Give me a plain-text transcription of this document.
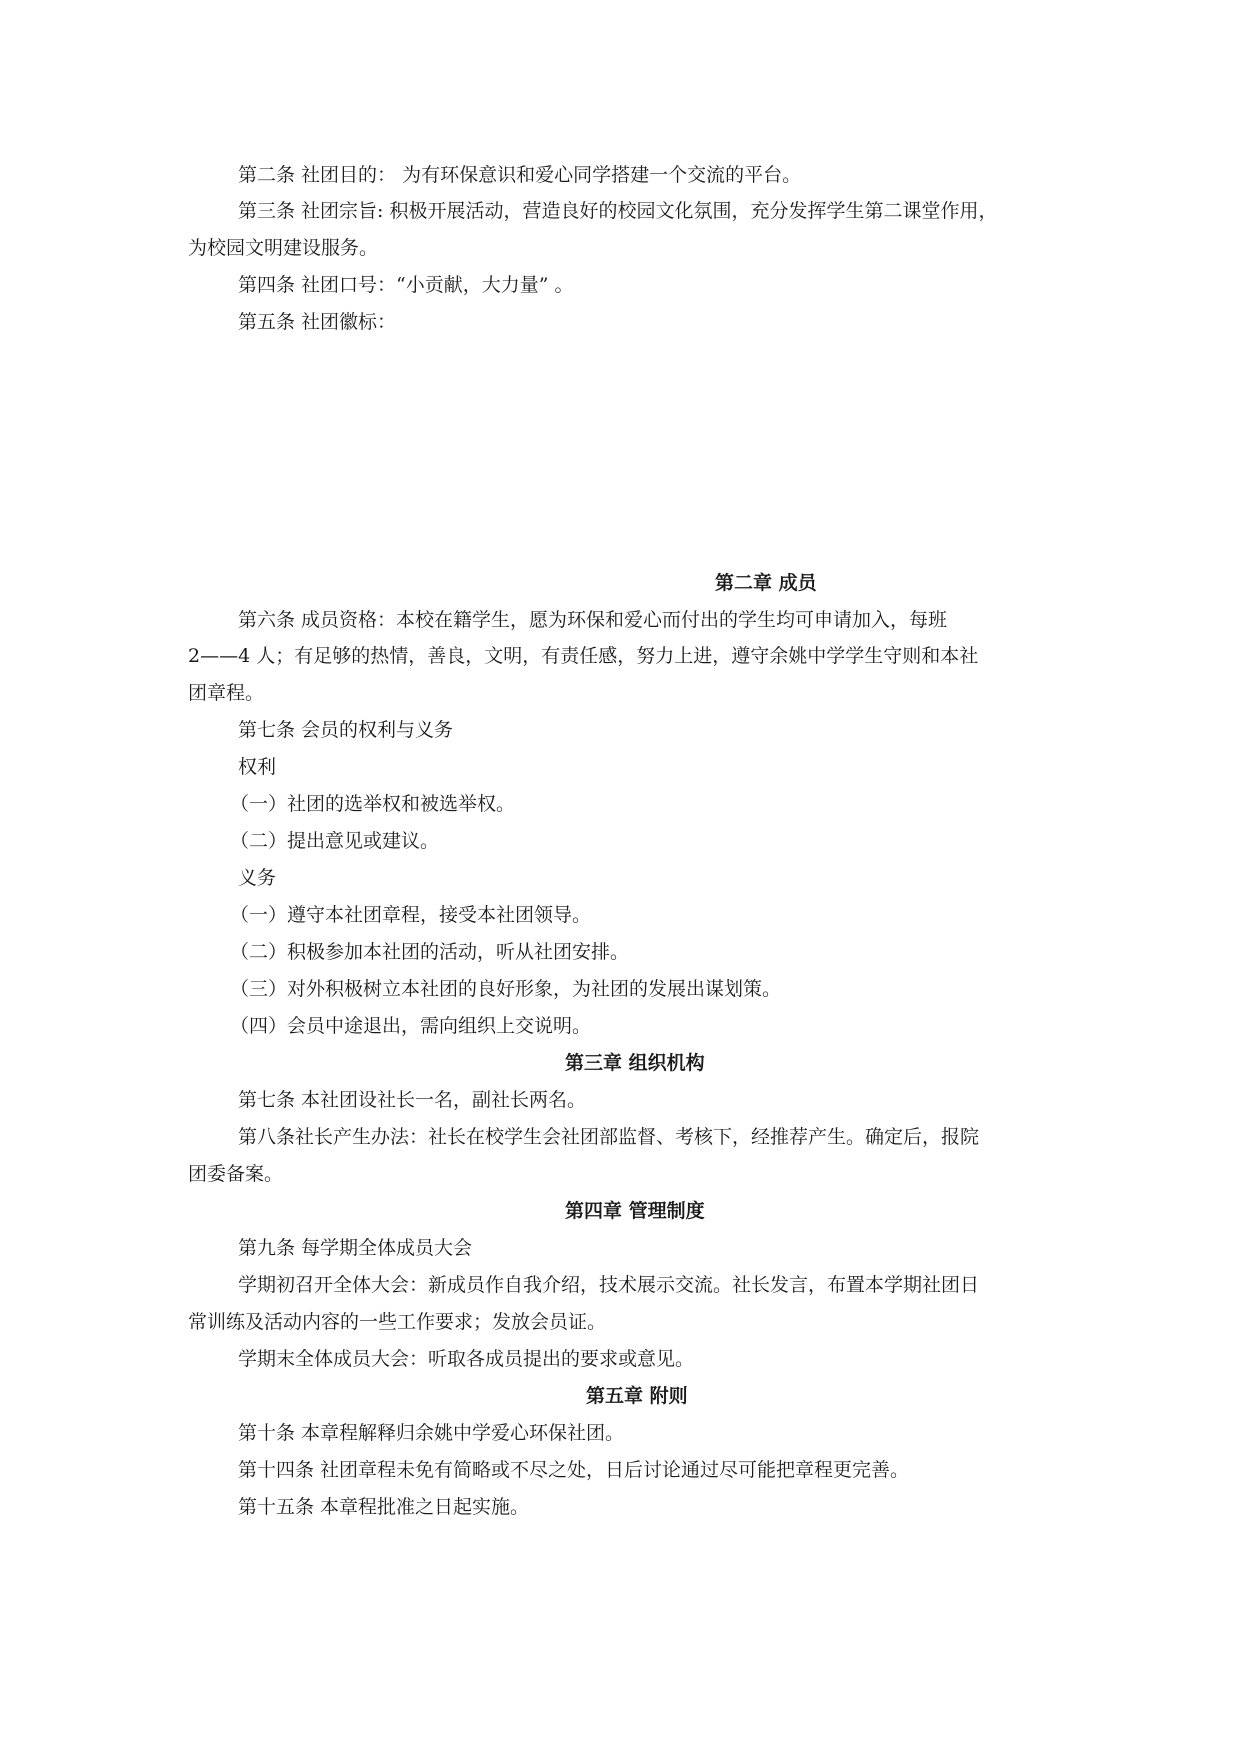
第二条 社团目的： 为有环保意识和爱心同学搭建一个交流的平台。
第三条 社团宗旨: 积极开展活动，营造良好的校园文化氛围，充分发挥学生第二课堂作用，
为校园文明建设服务。
第四条 社团口号：“小贡献，大力量” 。
第五条 社团徽标：
第二章 成员
第六条 成员资格：本校在籍学生，愿为环保和爱心而付出的学生均可申请加入，每班
2——4 人；有足够的热情，善良，文明，有责任感，努力上进，遵守余姚中学学生守则和本社
团章程。
第七条 会员的权利与义务
权利
（一）社团的选举权和被选举权。
（二）提出意见或建议。
义务
（一）遵守本社团章程，接受本社团领导。
（二）积极参加本社团的活动，听从社团安排。
（三）对外积极树立本社团的良好形象，为社团的发展出谋划策。
（四）会员中途退出，需向组织上交说明。
第三章 组织机构
第七条 本社团设社长一名，副社长两名。
第八条社长产生办法：社长在校学生会社团部监督、考核下，经推荐产生。确定后，报院
团委备案。
第四章 管理制度
第九条 每学期全体成员大会
学期初召开全体大会：新成员作自我介绍，技术展示交流。社长发言，布置本学期社团日
常训练及活动内容的一些工作要求；发放会员证。
学期末全体成员大会：听取各成员提出的要求或意见。
第五章 附则
第十条 本章程解释归余姚中学爱心环保社团。
第十四条 社团章程未免有简略或不尽之处，日后讨论通过尽可能把章程更完善。
第十五条 本章程批准之日起实施。
